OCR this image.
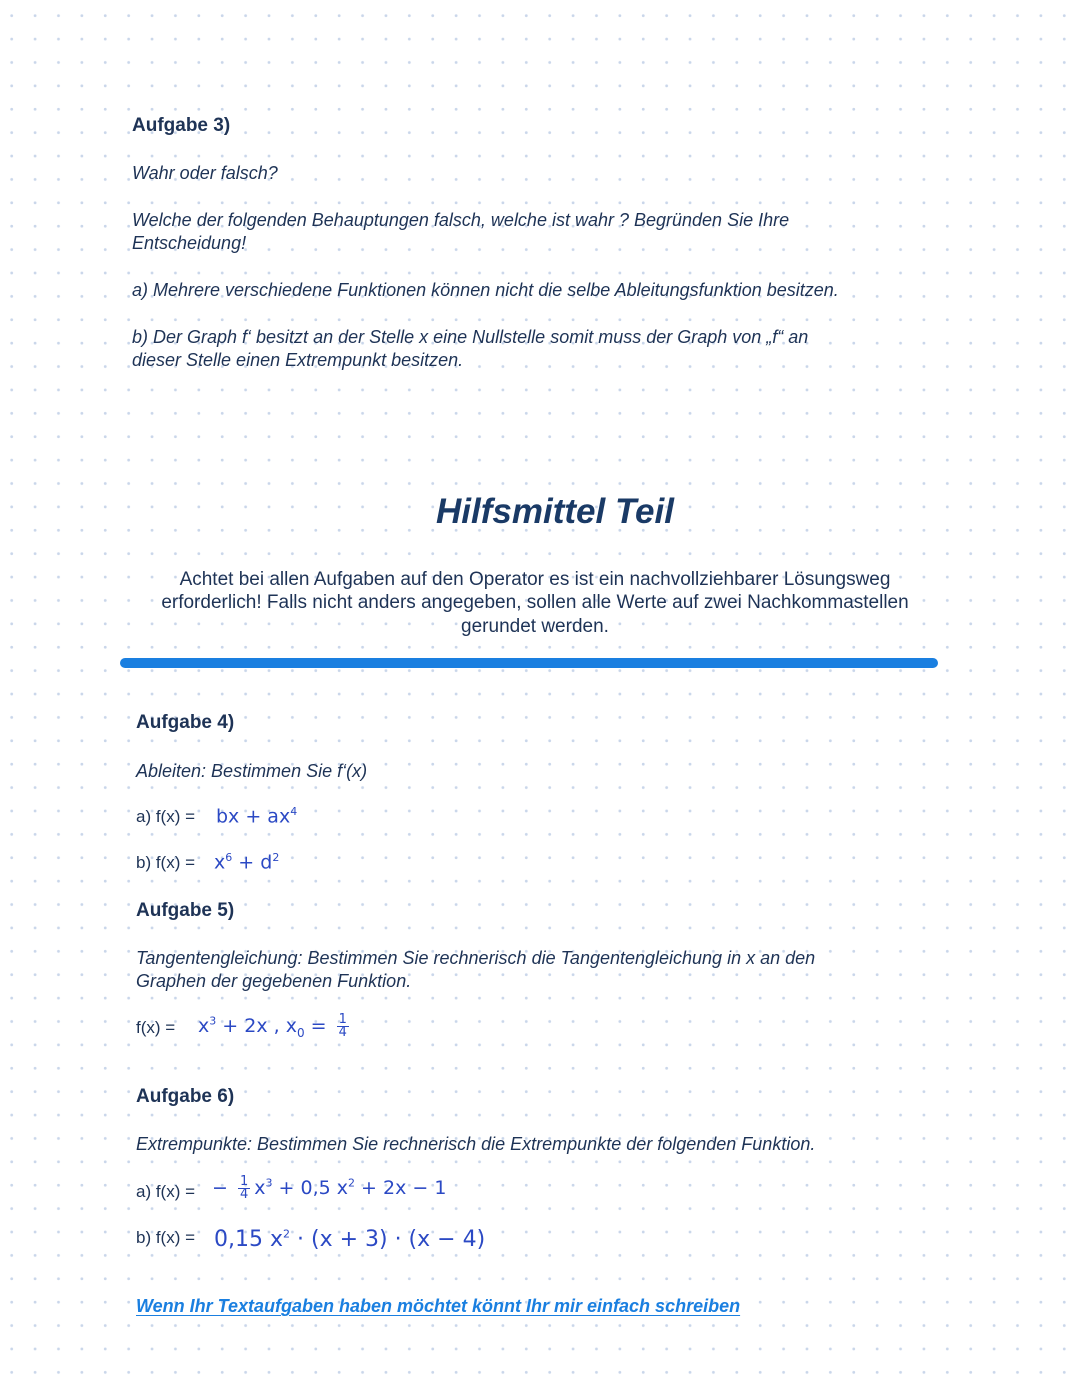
Aufgabe 3)
Wahr oder falsch?
Welche der folgenden Behauptungen falsch, welche ist wahr ? Begründen Sie Ihre
Entscheidung!
a) Mehrere verschiedene Funktionen können nicht die selbe Ableitungsfunktion besitzen.
b) Der Graph f‘ besitzt an der Stelle x eine Nullstelle somit muss der Graph von „f“ an
dieser Stelle einen Extrempunkt besitzen.
Hilfsmittel Teil
Achtet bei allen Aufgaben auf den Operator es ist ein nachvollziehbarer Lösungsweg
erforderlich! Falls nicht anders angegeben, sollen alle Werte auf zwei Nachkommastellen
gerundet werden.
Aufgabe 4)
Ableiten: Bestimmen Sie f‘(x)
a) f(x) = bx + $ax^4$
b) $f(x) = x^6 + d^2$
Aufgabe 5)
Tangentengleichung: Bestimmen Sie rechnerisch die Tangentengleichung in x an den
Graphen der gegebenen Funktion.
$f(x) = x^3 + 2x$ , $x_0 = \frac{1}{4}$
Aufgabe 6)
Extrempunkte: Bestimmen Sie rechnerisch die Extrempunkte der folgenden Funktion.
a) f(x) = − $\frac{1}{4} x^3 + 0,5$ $x^2 + 2x - 1$
b) f(x) = 0,15 $x^2 \cdot (x + 3) \cdot (x - 4)$
Wenn Ihr Textaufgaben haben möchtet könnt Ihr mir einfach schreiben
